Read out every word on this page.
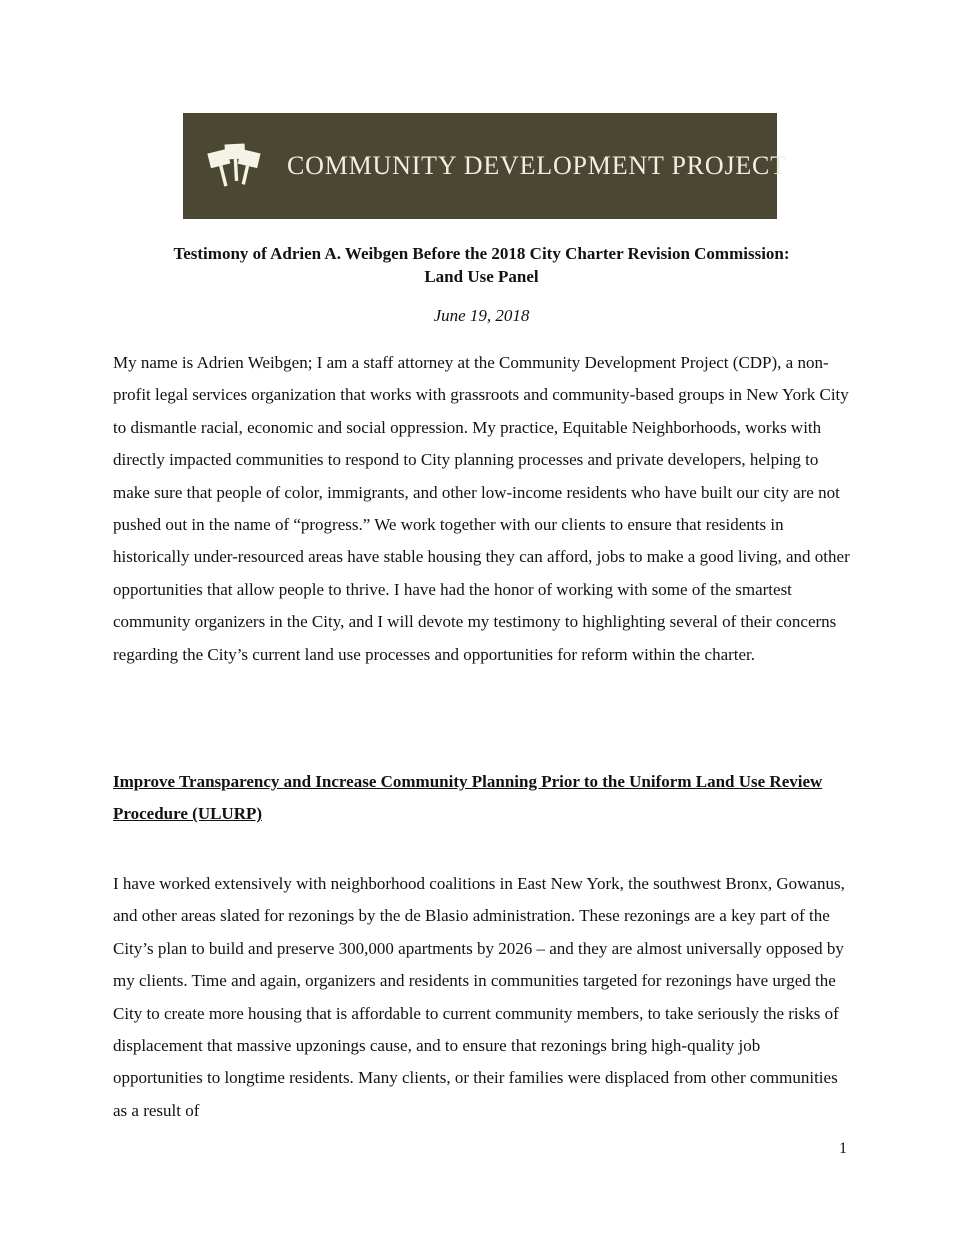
COMMUNITY DEVELOPMENT PROJECT
Testimony of Adrien A. Weibgen Before the 2018 City Charter Revision Commission:
Land Use Panel

June 19, 2018

My name is Adrien Weibgen; I am a staff attorney at the Community Development Project (CDP), a non-profit legal services organization that works with grassroots and community-based groups in New York City to dismantle racial, economic and social oppression. My practice, Equitable Neighborhoods, works with directly impacted communities to respond to City planning processes and private developers, helping to make sure that people of color, immigrants, and other low-income residents who have built our city are not pushed out in the name of “progress.” We work together with our clients to ensure that residents in historically under-resourced areas have stable housing they can afford, jobs to make a good living, and other opportunities that allow people to thrive. I have had the honor of working with some of the smartest community organizers in the City, and I will devote my testimony to highlighting several of their concerns regarding the City’s current land use processes and opportunities for reform within the charter.

Improve Transparency and Increase Community Planning Prior to the Uniform Land Use Review Procedure (ULURP)

I have worked extensively with neighborhood coalitions in East New York, the southwest Bronx, Gowanus, and other areas slated for rezonings by the de Blasio administration. These rezonings are a key part of the City’s plan to build and preserve 300,000 apartments by 2026 – and they are almost universally opposed by my clients. Time and again, organizers and residents in communities targeted for rezonings have urged the City to create more housing that is affordable to current community members, to take seriously the risks of displacement that massive upzonings cause, and to ensure that rezonings bring high-quality job opportunities to longtime residents. Many clients, or their families were displaced from other communities as a result of

1
